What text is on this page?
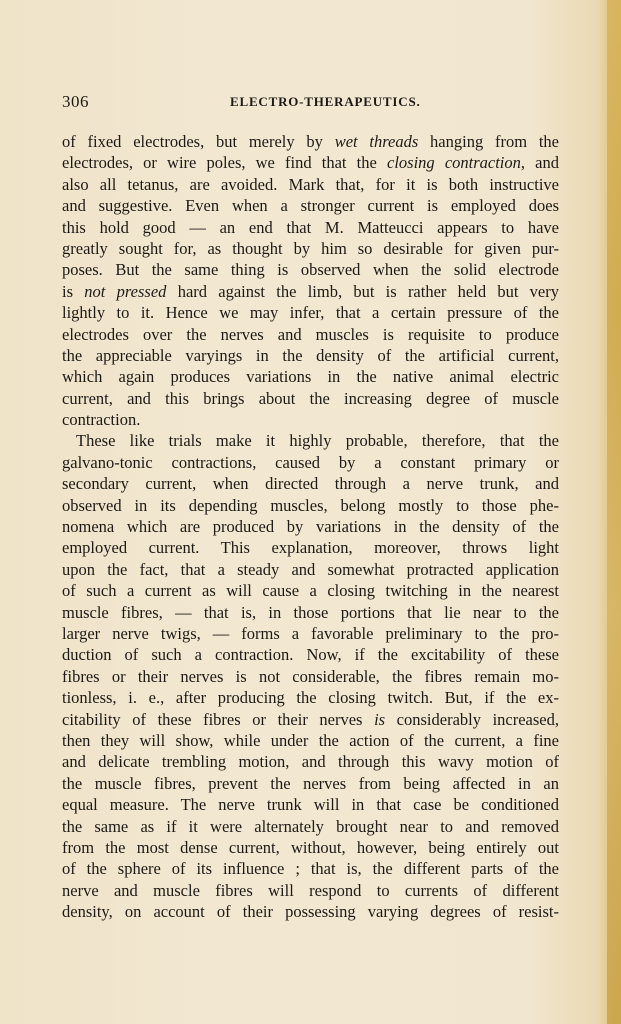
306	ELECTRO-THERAPEUTICS.
of fixed electrodes, but merely by wet threads hanging from the
electrodes, or wire poles, we find that the closing contraction, and
also all tetanus, are avoided. Mark that, for it is both instructive
and suggestive. Even when a stronger current is employed does
this hold good — an end that M. Matteucci appears to have
greatly sought for, as thought by him so desirable for given pur-
poses. But the same thing is observed when the solid electrode
is not pressed hard against the limb, but is rather held but very
lightly to it. Hence we may infer, that a certain pressure of the
electrodes over the nerves and muscles is requisite to produce
the appreciable varyings in the density of the artificial current,
which again produces variations in the native animal electric
current, and this brings about the increasing degree of muscle
contraction.
These like trials make it highly probable, therefore, that the
galvano-tonic contractions, caused by a constant primary or
secondary current, when directed through a nerve trunk, and
observed in its depending muscles, belong mostly to those phe-
nomena which are produced by variations in the density of the
employed current. This explanation, moreover, throws light
upon the fact, that a steady and somewhat protracted application
of such a current as will cause a closing twitching in the nearest
muscle fibres, — that is, in those portions that lie near to the
larger nerve twigs, — forms a favorable preliminary to the pro-
duction of such a contraction. Now, if the excitability of these
fibres or their nerves is not considerable, the fibres remain mo-
tionless, i. e., after producing the closing twitch. But, if the ex-
citability of these fibres or their nerves is considerably increased,
then they will show, while under the action of the current, a fine
and delicate trembling motion, and through this wavy motion of
the muscle fibres, prevent the nerves from being affected in an
equal measure. The nerve trunk will in that case be conditioned
the same as if it were alternately brought near to and removed
from the most dense current, without, however, being entirely out
of the sphere of its influence ; that is, the different parts of the
nerve and muscle fibres will respond to currents of different
density, on account of their possessing varying degrees of resist-
